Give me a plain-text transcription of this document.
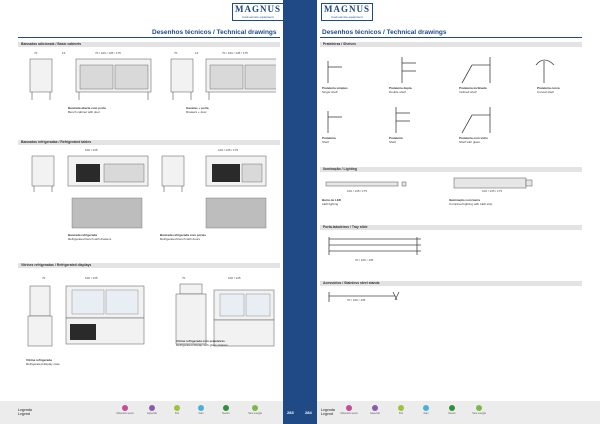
MAGNUS
food-service equipment
Desenhos técnicos / Technical drawings
Bancadas adicionais / Basic cabinets
70	12	70 / 100 / 135 / 175	70	12	70 / 100 / 135 / 175
Bancada aberta com porta
Bench cabinet with door
Gavetas + porta
Drawers + door
Bancadas refrigeradas / Refrigerated tables
100 / 135	100 / 135 / 175
Bancada refrigerada
Refrigerated bench with drawers
Bancada refrigerada com portas
Refrigerated bench with doors
Vitrines refrigeradas / Refrigerated displays
70	100 / 135	70	100 / 135
Vitrine refrigerada
Refrigerated display case
Vitrine refrigerada com prateleiras
Refrigerated display with glass shelves
Legenda
Legend	Alimentos secos	Aquecido	Frio	Gelo	Neutro	Sem energia	283	284
MAGNUS
food-service equipment
Desenhos técnicos / Technical drawings
Prateleiras / Shelves
Prateleira simples
Single shelf
Prateleira dupla
Double shelf
Prateleira inclinada
Inclined shelf
Prateleira curva
Curved shelf
Prateleira
Shelf
Prateleira
Shelf
Prateleira com vidro
Shelf with glass
Iluminação / Lighting
100 / 135 / 175	100 / 135 / 175
Barra de LED
LED lighting
Iluminação com barra
Combined lighting with LED strip
Porta-tabuleiros / Tray slide
70 / 100 / 135
Acessórios / Stainless steel stands
70 / 100 / 135
Legenda
Legend	Alimentos secos	Aquecido	Frio	Gelo	Neutro	Sem energia
